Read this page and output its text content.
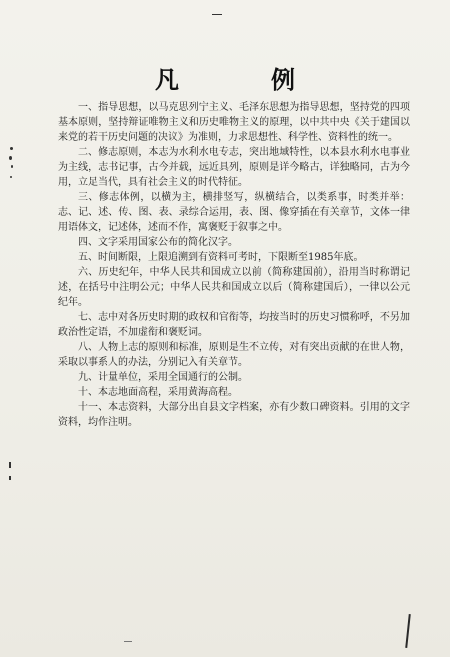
凡　例

一、指导思想，以马克思列宁主义、毛泽东思想为指导思想，坚持党的四项基本原则，坚持辩证唯物主义和历史唯物主义的原理，以中共中央《关于建国以来党的若干历史问题的决议》为准则，力求思想性、科学性、资料性的统一。

二、修志原则，本志为水利水电专志，突出地域特性，以本县水利水电事业为主线，志书记事，古今并载，远近具列，原则是详今略古，详独略同，古为今用，立足当代，具有社会主义的时代特征。

三、修志体例，以横为主，横排竖写，纵横结合，以类系事，时类并举：志、记、述、传、图、表、录综合运用，表、图、像穿插在有关章节，文体一律用语体文，记述体，述而不作，寓褒贬于叙事之中。

四、文字采用国家公布的简化汉字。

五、时间断限，上限追溯到有资料可考时，下限断至1985年底。

六、历史纪年，中华人民共和国成立以前（简称建国前），沿用当时称谓记述，在括号中注明公元；中华人民共和国成立以后（简称建国后），一律以公元纪年。

七、志中对各历史时期的政权和官衔等，均按当时的历史习惯称呼，不另加政治性定语，不加虚衔和褒贬词。

八、人物上志的原则和标准，原则是生不立传，对有突出贡献的在世人物，采取以事系人的办法，分别记入有关章节。

九、计量单位，采用全国通行的公制。

十、本志地面高程，采用黄海高程。

十一、本志资料，大部分出自县文字档案，亦有少数口碑资料。引用的文字资料，均作注明。
